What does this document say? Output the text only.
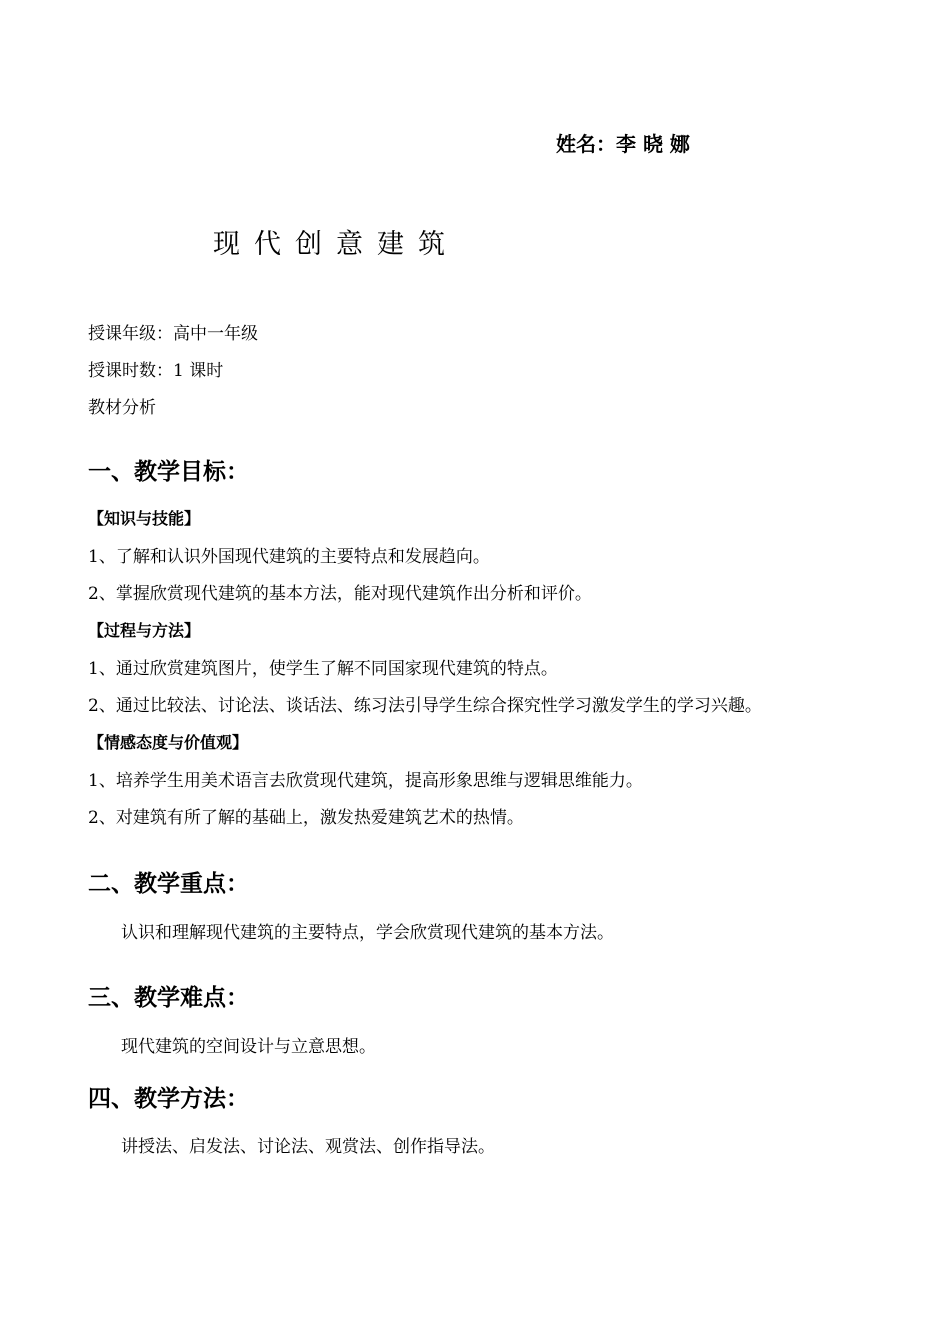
姓名：李 晓 娜
现代创意建筑
授课年级：高中一年级
授课时数：1 课时
教材分析
一、教学目标：
【知识与技能】
1、了解和认识外国现代建筑的主要特点和发展趋向。
2、掌握欣赏现代建筑的基本方法，能对现代建筑作出分析和评价。
【过程与方法】
1、通过欣赏建筑图片，使学生了解不同国家现代建筑的特点。
2、通过比较法、讨论法、谈话法、练习法引导学生综合探究性学习激发学生的学习兴趣。
【情感态度与价值观】
1、培养学生用美术语言去欣赏现代建筑，提高形象思维与逻辑思维能力。
2、对建筑有所了解的基础上，激发热爱建筑艺术的热情。
二、教学重点：
认识和理解现代建筑的主要特点，学会欣赏现代建筑的基本方法。
三、教学难点：
现代建筑的空间设计与立意思想。
四、教学方法：
讲授法、启发法、讨论法、观赏法、创作指导法。
